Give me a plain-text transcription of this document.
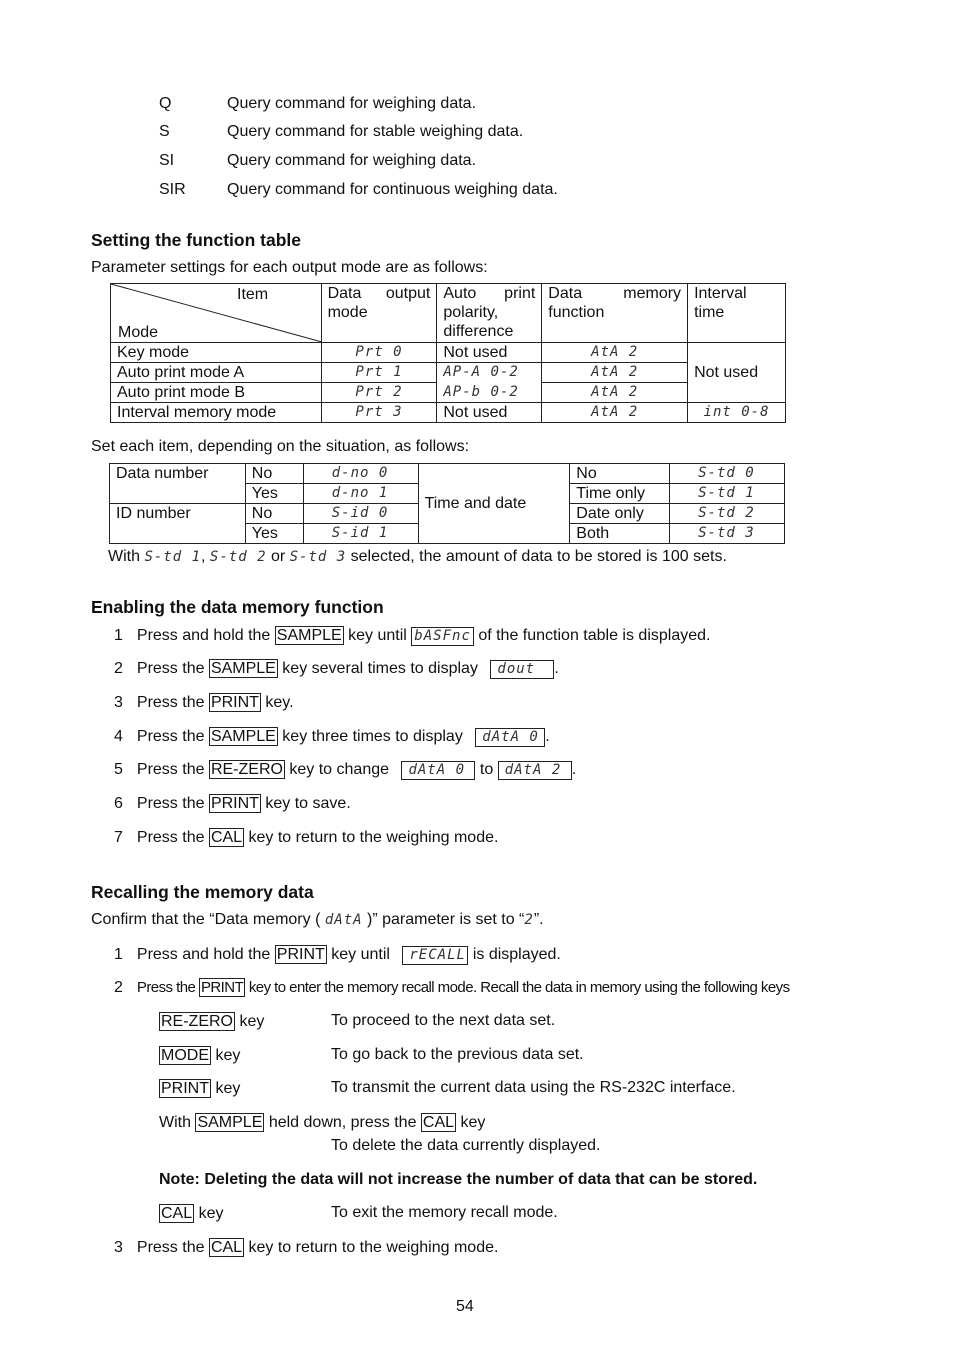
Q	Query command for weighing data.
S	Query command for stable weighing data.
SI	Query command for weighing data.
SIR	Query command for continuous weighing data.
Setting the function table
Parameter settings for each output mode are as follows:
Item
Mode	Data output mode	Auto print polarity, difference	Data memory function	Interval time
Key mode	Prt 0	Not used	AtA 2	Not used
Auto print mode A	Prt 1	AP-A 0-2	AtA 2	
Auto print mode B	Prt 2	AP-b 0-2	AtA 2	
Interval memory mode	Prt 3	Not used	AtA 2	int 0-8
Set each item, depending on the situation, as follows:
Data number	No	d-no 0	Time and date	No	S-td 0
	Yes	d-no 1		Time only	S-td 1
ID number	No	S-id 0		Date only	S-td 2
	Yes	S-id 1		Both	S-td 3
With S-td 1, S-td 2 or S-td 3 selected, the amount of data to be stored is 100 sets.
Enabling the data memory function
1 Press and hold the SAMPLE key until bASFnc of the function table is displayed.
2 Press the SAMPLE key several times to display dout .
3 Press the PRINT key.
4 Press the SAMPLE key three times to display dAtA 0 .
5 Press the RE-ZERO key to change dAtA 0 to dAtA 2 .
6 Press the PRINT key to save.
7 Press the CAL key to return to the weighing mode.
Recalling the memory data
Confirm that the “Data memory ( dAtA )” parameter is set to “2”.
1 Press and hold the PRINT key until rECALL is displayed.
2 Press the PRINT key to enter the memory recall mode. Recall the data in memory using the following keys
RE-ZERO key	To proceed to the next data set.
MODE key	To go back to the previous data set.
PRINT key	To transmit the current data using the RS-232C interface.
With SAMPLE held down, press the CAL key
To delete the data currently displayed.
Note: Deleting the data will not increase the number of data that can be stored.
CAL key	To exit the memory recall mode.
3 Press the CAL key to return to the weighing mode.
54
